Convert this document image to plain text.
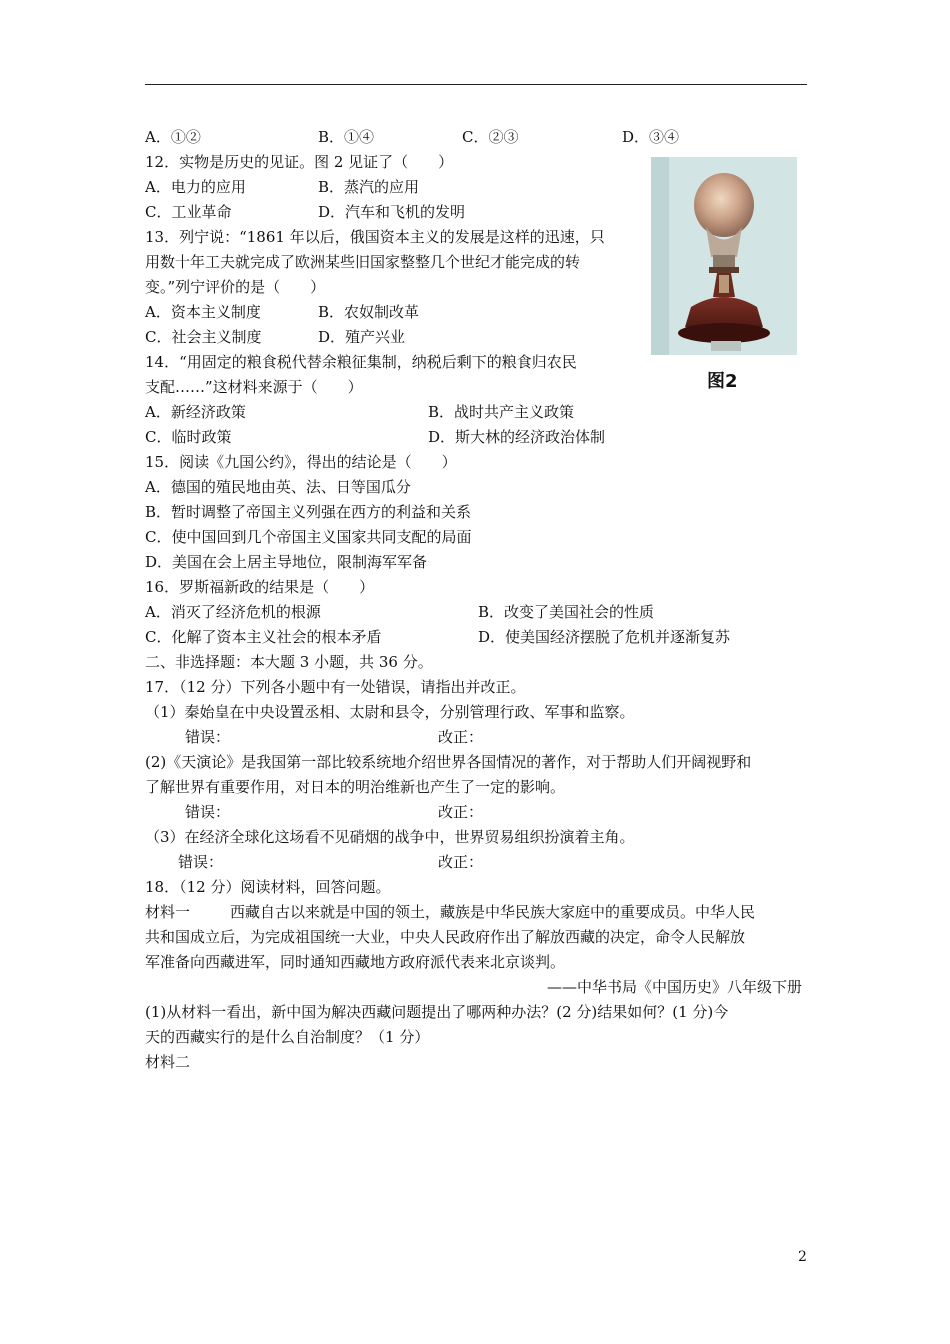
A．①②	B．①④	C．②③	D．③④
12．实物是历史的见证。图 2 见证了（　　）
A．电力的应用	B．蒸汽的应用
C．工业革命	D．汽车和飞机的发明
13．列宁说：“1861 年以后，俄国资本主义的发展是这样的迅速，只
用数十年工夫就完成了欧洲某些旧国家整整几个世纪才能完成的转
变。”列宁评价的是（　　）
A．资本主义制度	B．农奴制改革
C．社会主义制度	D．殖产兴业
14．“用固定的粮食税代替余粮征集制，纳税后剩下的粮食归农民
支配……”这材料来源于（　　）
A．新经济政策	B．战时共产主义政策
C．临时政策	D．斯大林的经济政治体制
图2
15．阅读《九国公约》，得出的结论是（　　）
A．德国的殖民地由英、法、日等国瓜分
B．暂时调整了帝国主义列强在西方的利益和关系
C．使中国回到几个帝国主义国家共同支配的局面
D．美国在会上居主导地位，限制海军军备
16．罗斯福新政的结果是（　　）
A．消灭了经济危机的根源	B．改变了美国社会的性质
C．化解了资本主义社会的根本矛盾	D．使美国经济摆脱了危机并逐渐复苏
二、非选择题：本大题 3 小题，共 36 分。
17．（12 分）下列各小题中有一处错误，请指出并改正。
（1）秦始皇在中央设置丞相、太尉和县令，分别管理行政、军事和监察。
错误：	改正：
(2)《天演论》是我国第一部比较系统地介绍世界各国情况的著作，对于帮助人们开阔视野和
了解世界有重要作用，对日本的明治维新也产生了一定的影响。
错误：	改正：
（3）在经济全球化这场看不见硝烟的战争中，世界贸易组织扮演着主角。
错误：	改正：
18．（12 分）阅读材料，回答问题。
材料一	西藏自古以来就是中国的领土，藏族是中华民族大家庭中的重要成员。中华人民
共和国成立后，为完成祖国统一大业，中央人民政府作出了解放西藏的决定，命令人民解放
军准备向西藏进军，同时通知西藏地方政府派代表来北京谈判。
——中华书局《中国历史》八年级下册
(1)从材料一看出，新中国为解决西藏问题提出了哪两种办法？(2 分)结果如何？(1 分)今
天的西藏实行的是什么自治制度？（1 分）
材料二
2
